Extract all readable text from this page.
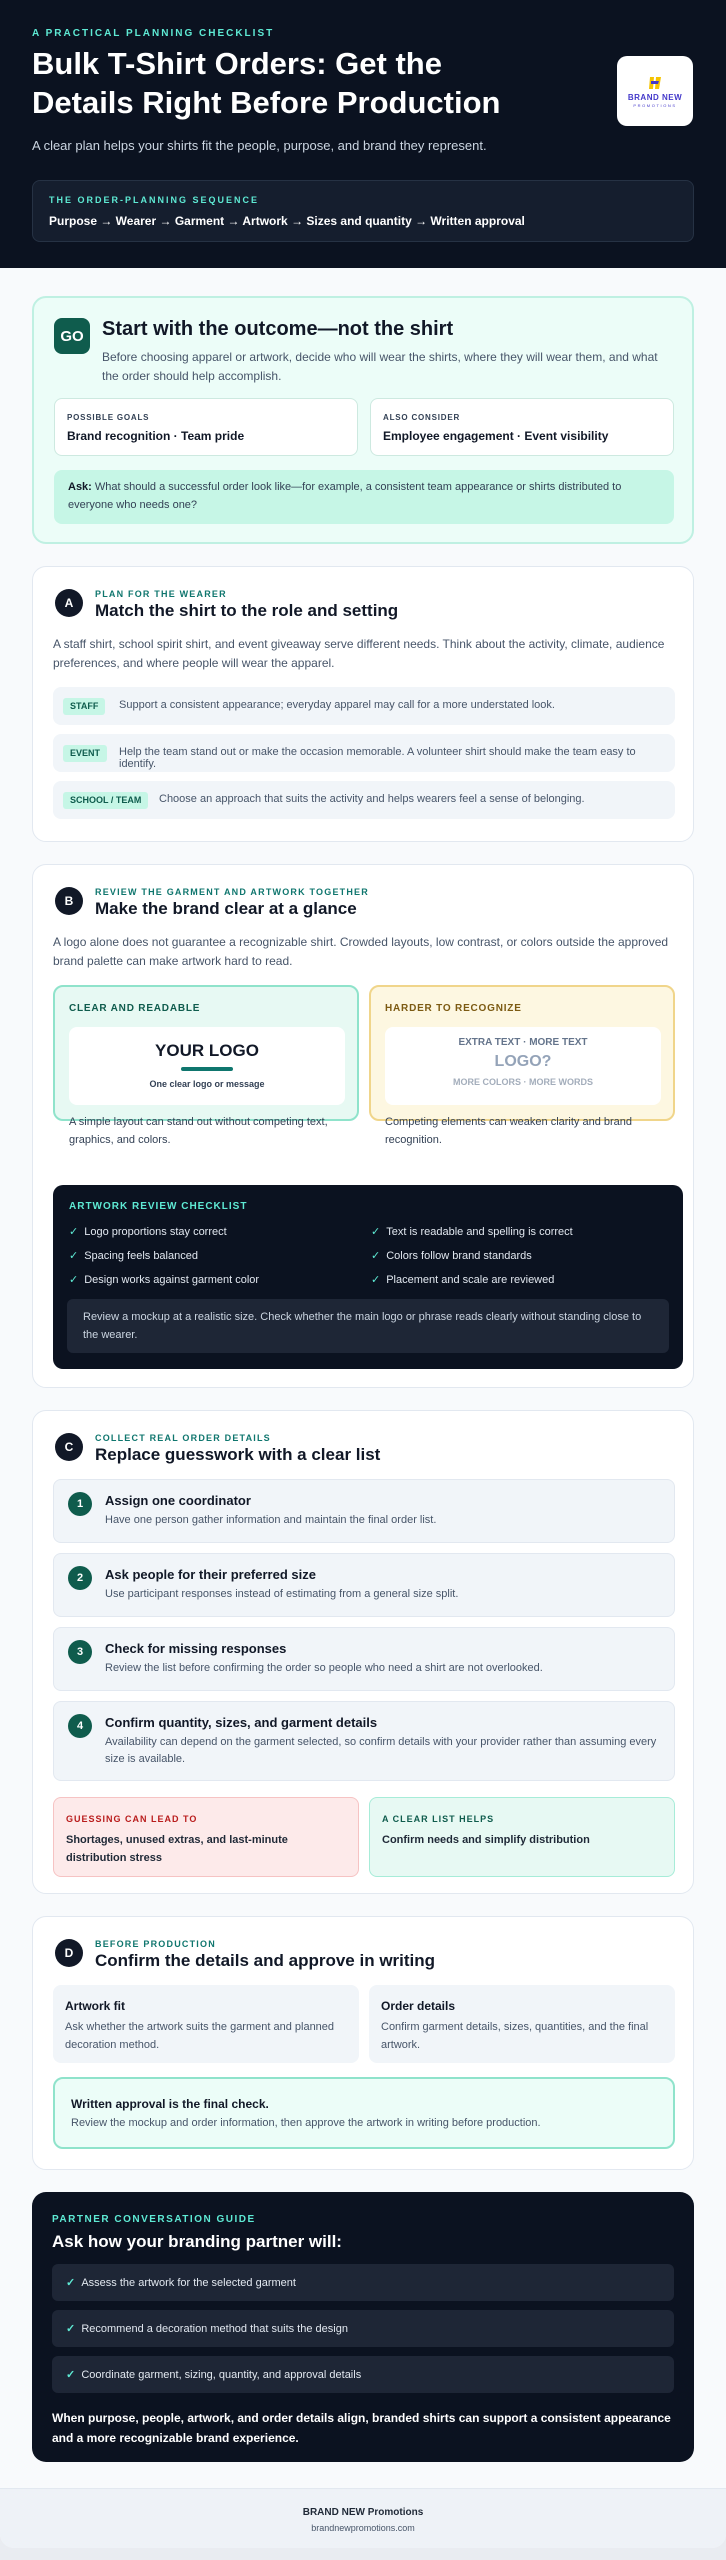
A PRACTICAL PLANNING CHECKLIST
Bulk T-Shirt Orders: Get the Details Right Before Production
A clear plan helps your shirts fit the people, purpose, and brand they represent.
BRAND NEW
PROMOTIONS
THE ORDER-PLANNING SEQUENCE
Purpose → Wearer → Garment → Artwork → Sizes and quantity → Written approval
GO Start with the outcome—not the shirt
Before choosing apparel or artwork, decide who will wear the shirts, where they will wear them, and what the order should help accomplish.
POSSIBLE GOALS
Brand recognition · Team pride
ALSO CONSIDER
Employee engagement · Event visibility
Ask: What should a successful order look like—for example, a consistent team appearance or shirts distributed to everyone who needs one?
A
PLAN FOR THE WEARER
Match the shirt to the role and setting
A staff shirt, school spirit shirt, and event giveaway serve different needs. Think about the activity, climate, audience preferences, and where people will wear the apparel.
STAFF	Support a consistent appearance; everyday apparel may call for a more understated look.
EVENT	Help the team stand out or make the occasion memorable. A volunteer shirt should make the team easy to identify.
SCHOOL / TEAM	Choose an approach that suits the activity and helps wearers feel a sense of belonging.
B
REVIEW THE GARMENT AND ARTWORK TOGETHER
Make the brand clear at a glance
A logo alone does not guarantee a recognizable shirt. Crowded layouts, low contrast, or colors outside the approved brand palette can make artwork hard to read.
CLEAR AND READABLE
YOUR LOGO
One clear logo or message
A simple layout can stand out without competing text, graphics, and colors.
HARDER TO RECOGNIZE
EXTRA TEXT · MORE TEXT
LOGO?
MORE COLORS · MORE WORDS
Competing elements can weaken clarity and brand recognition.
ARTWORK REVIEW CHECKLIST
✓ Logo proportions stay correct	✓ Text is readable and spelling is correct
✓ Spacing feels balanced	✓ Colors follow brand standards
✓ Design works against garment color	✓ Placement and scale are reviewed
Review a mockup at a realistic size. Check whether the main logo or phrase reads clearly without standing close to the wearer.
C
COLLECT REAL ORDER DETAILS
Replace guesswork with a clear list
1	Assign one coordinator
Have one person gather information and maintain the final order list.
2	Ask people for their preferred size
Use participant responses instead of estimating from a general size split.
3	Check for missing responses
Review the list before confirming the order so people who need a shirt are not overlooked.
4	Confirm quantity, sizes, and garment details
Availability can depend on the garment selected, so confirm details with your provider rather than assuming every size is available.
GUESSING CAN LEAD TO
Shortages, unused extras, and last-minute distribution stress
A CLEAR LIST HELPS
Confirm needs and simplify distribution
D
BEFORE PRODUCTION
Confirm the details and approve in writing
Artwork fit
Ask whether the artwork suits the garment and planned decoration method.
Order details
Confirm garment details, sizes, quantities, and the final artwork.
Written approval is the final check.
Review the mockup and order information, then approve the artwork in writing before production.
PARTNER CONVERSATION GUIDE
Ask how your branding partner will:
✓ Assess the artwork for the selected garment
✓ Recommend a decoration method that suits the design
✓ Coordinate garment, sizing, quantity, and approval details
When purpose, people, artwork, and order details align, branded shirts can support a consistent appearance and a more recognizable brand experience.
BRAND NEW Promotions
brandnewpromotions.com
